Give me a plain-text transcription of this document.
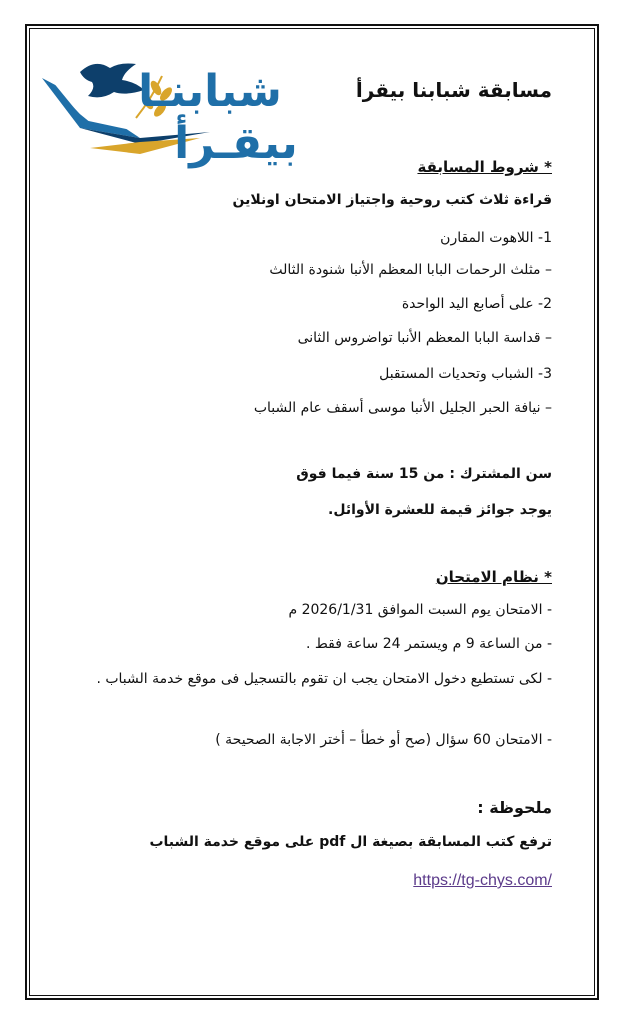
شبابنـا
بيقـرأ
مسابقة شبابنا بيقرأ
* شروط المسابقة
قراءة ثلاث كتب روحية واجتياز الامتحان اونلاين
1- اللاهوت المقارن
– مثلث الرحمات البابا المعظم الأنبا شنودة الثالث
2- على أصابع اليد الواحدة
– قداسة البابا المعظم الأنبا تواضروس الثانى
3- الشباب وتحديات المستقبل
– نيافة الحبر الجليل الأنبا موسى أسقف عام الشباب
سن المشترك : من 15 سنة فيما فوق
يوجد جوائز قيمة للعشرة الأوائل.
* نظام الامتحان
- الامتحان يوم السبت الموافق 2026/1/31 م
- من الساعة 9 م ويستمر 24 ساعة فقط .
- لكى تستطيع دخول الامتحان يجب ان تقوم بالتسجيل فى موقع خدمة الشباب .
- الامتحان 60 سؤال (صح أو خطأ – أختر الاجابة الصحيحة )
ملحوظة :
ترفع كتب المسابقة بصيغة ال pdf على موقع خدمة الشباب
https://tg-chys.com/
